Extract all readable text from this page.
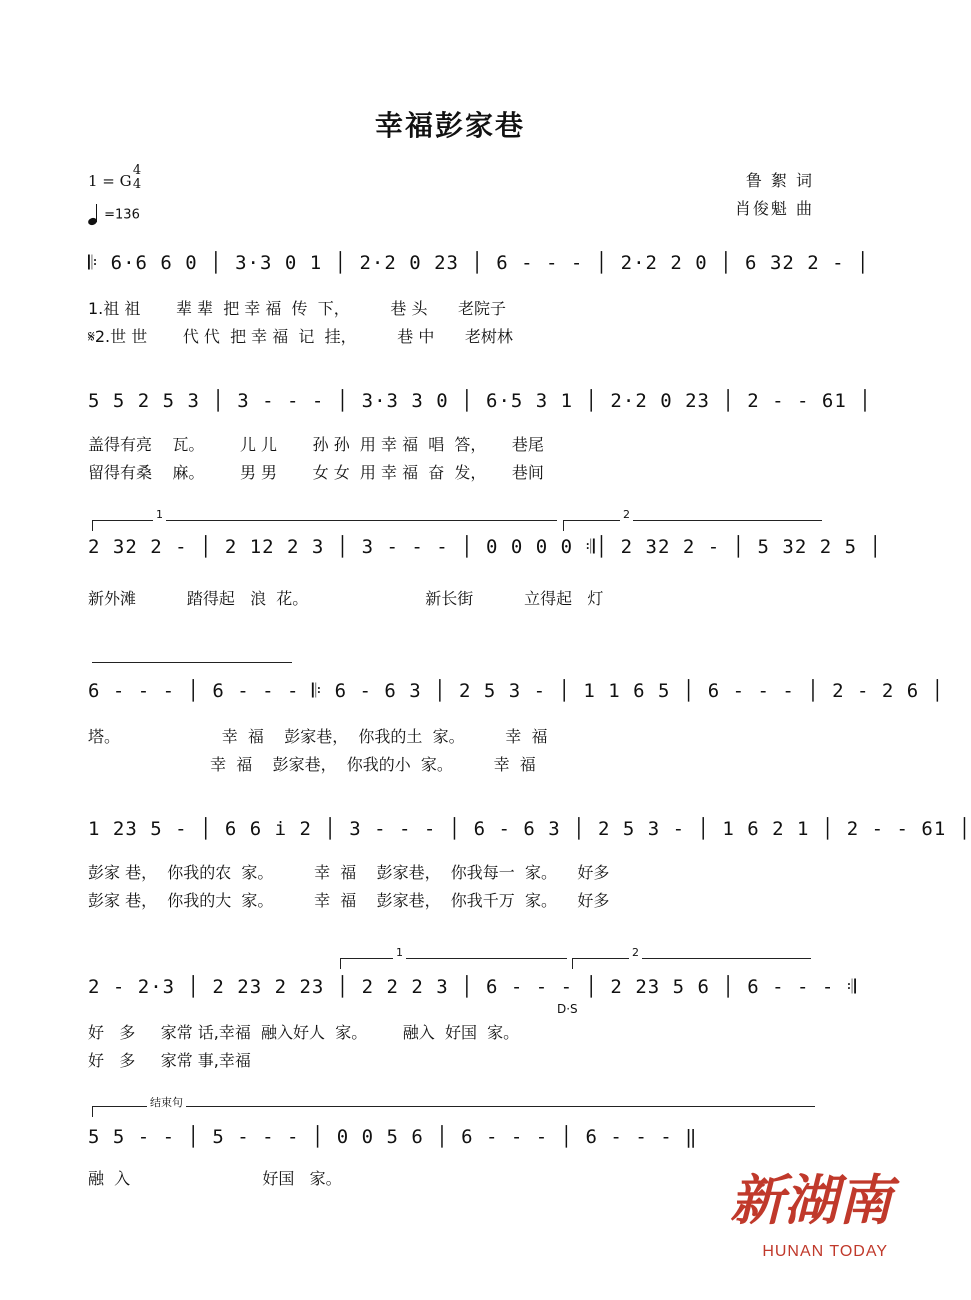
幸福彭家巷
1 = G
4
4
=136
鲁 絮 词
肖俊魁 曲
𝄆 6·6 6 0 │ 3·3 0 1 │ 2·2 0 23 │ 6 - - - │ 2·2 2 0 │ 6 32 2 - │
1.祖 祖       辈 辈  把 幸 福  传  下，        巷 头      老院子
𝄋2.世 世       代 代  把 幸 福  记  挂，        巷 中      老树林
5 5 2 5 3 │ 3 - - - │ 3·3 3 0 │ 6·5 3 1 │ 2·2 0 23 │ 2 - - 61 │
盖得有亮    瓦。       儿 儿       孙 孙  用 幸 福  唱  答，     巷尾
留得有桑    麻。       男 男       女 女  用 幸 福  奋  发，     巷间
1	2
2 32 2 - │ 2 12 2 3 │ 3 - - - │ 0 0 0 0 𝄇│ 2 32 2 - │ 5 32 2 5 │
新外滩          踏得起   浪  花。                       新长街          立得起   灯
6 - - - │ 6 - - - 𝄆 6 - 6 3 │ 2 5 3 - │ 1 1 6 5 │ 6 - - - │ 2 - 2 6 │
塔。                    幸  福    彭家巷，  你我的土  家。        幸  福
幸  福    彭家巷，  你我的小  家。        幸  福
1 23 5 - │ 6 6 i 2 │ 3 - - - │ 6 - 6 3 │ 2 5 3 - │ 1 6 2 1 │ 2 - - 61 │
彭家 巷，  你我的农  家。        幸  福    彭家巷，  你我每一  家。    好多
彭家 巷，  你我的大  家。        幸  福    彭家巷，  你我千万  家。    好多
1	2
2 - 2·3 │ 2 23 2 23 │ 2 2 2 3 │ 6 - - - │ 2 23 5 6 │ 6 - - - 𝄇
D·S
好   多     家常 话,幸福  融入好人  家。       融入  好国  家。
好   多     家常 事,幸福
结束句
5 5 - - │ 5 - - - │ 0 0 5 6 │ 6 - - - │ 6 - - - ‖
融  入                          好国   家。	新湖南
HUNAN TODAY
